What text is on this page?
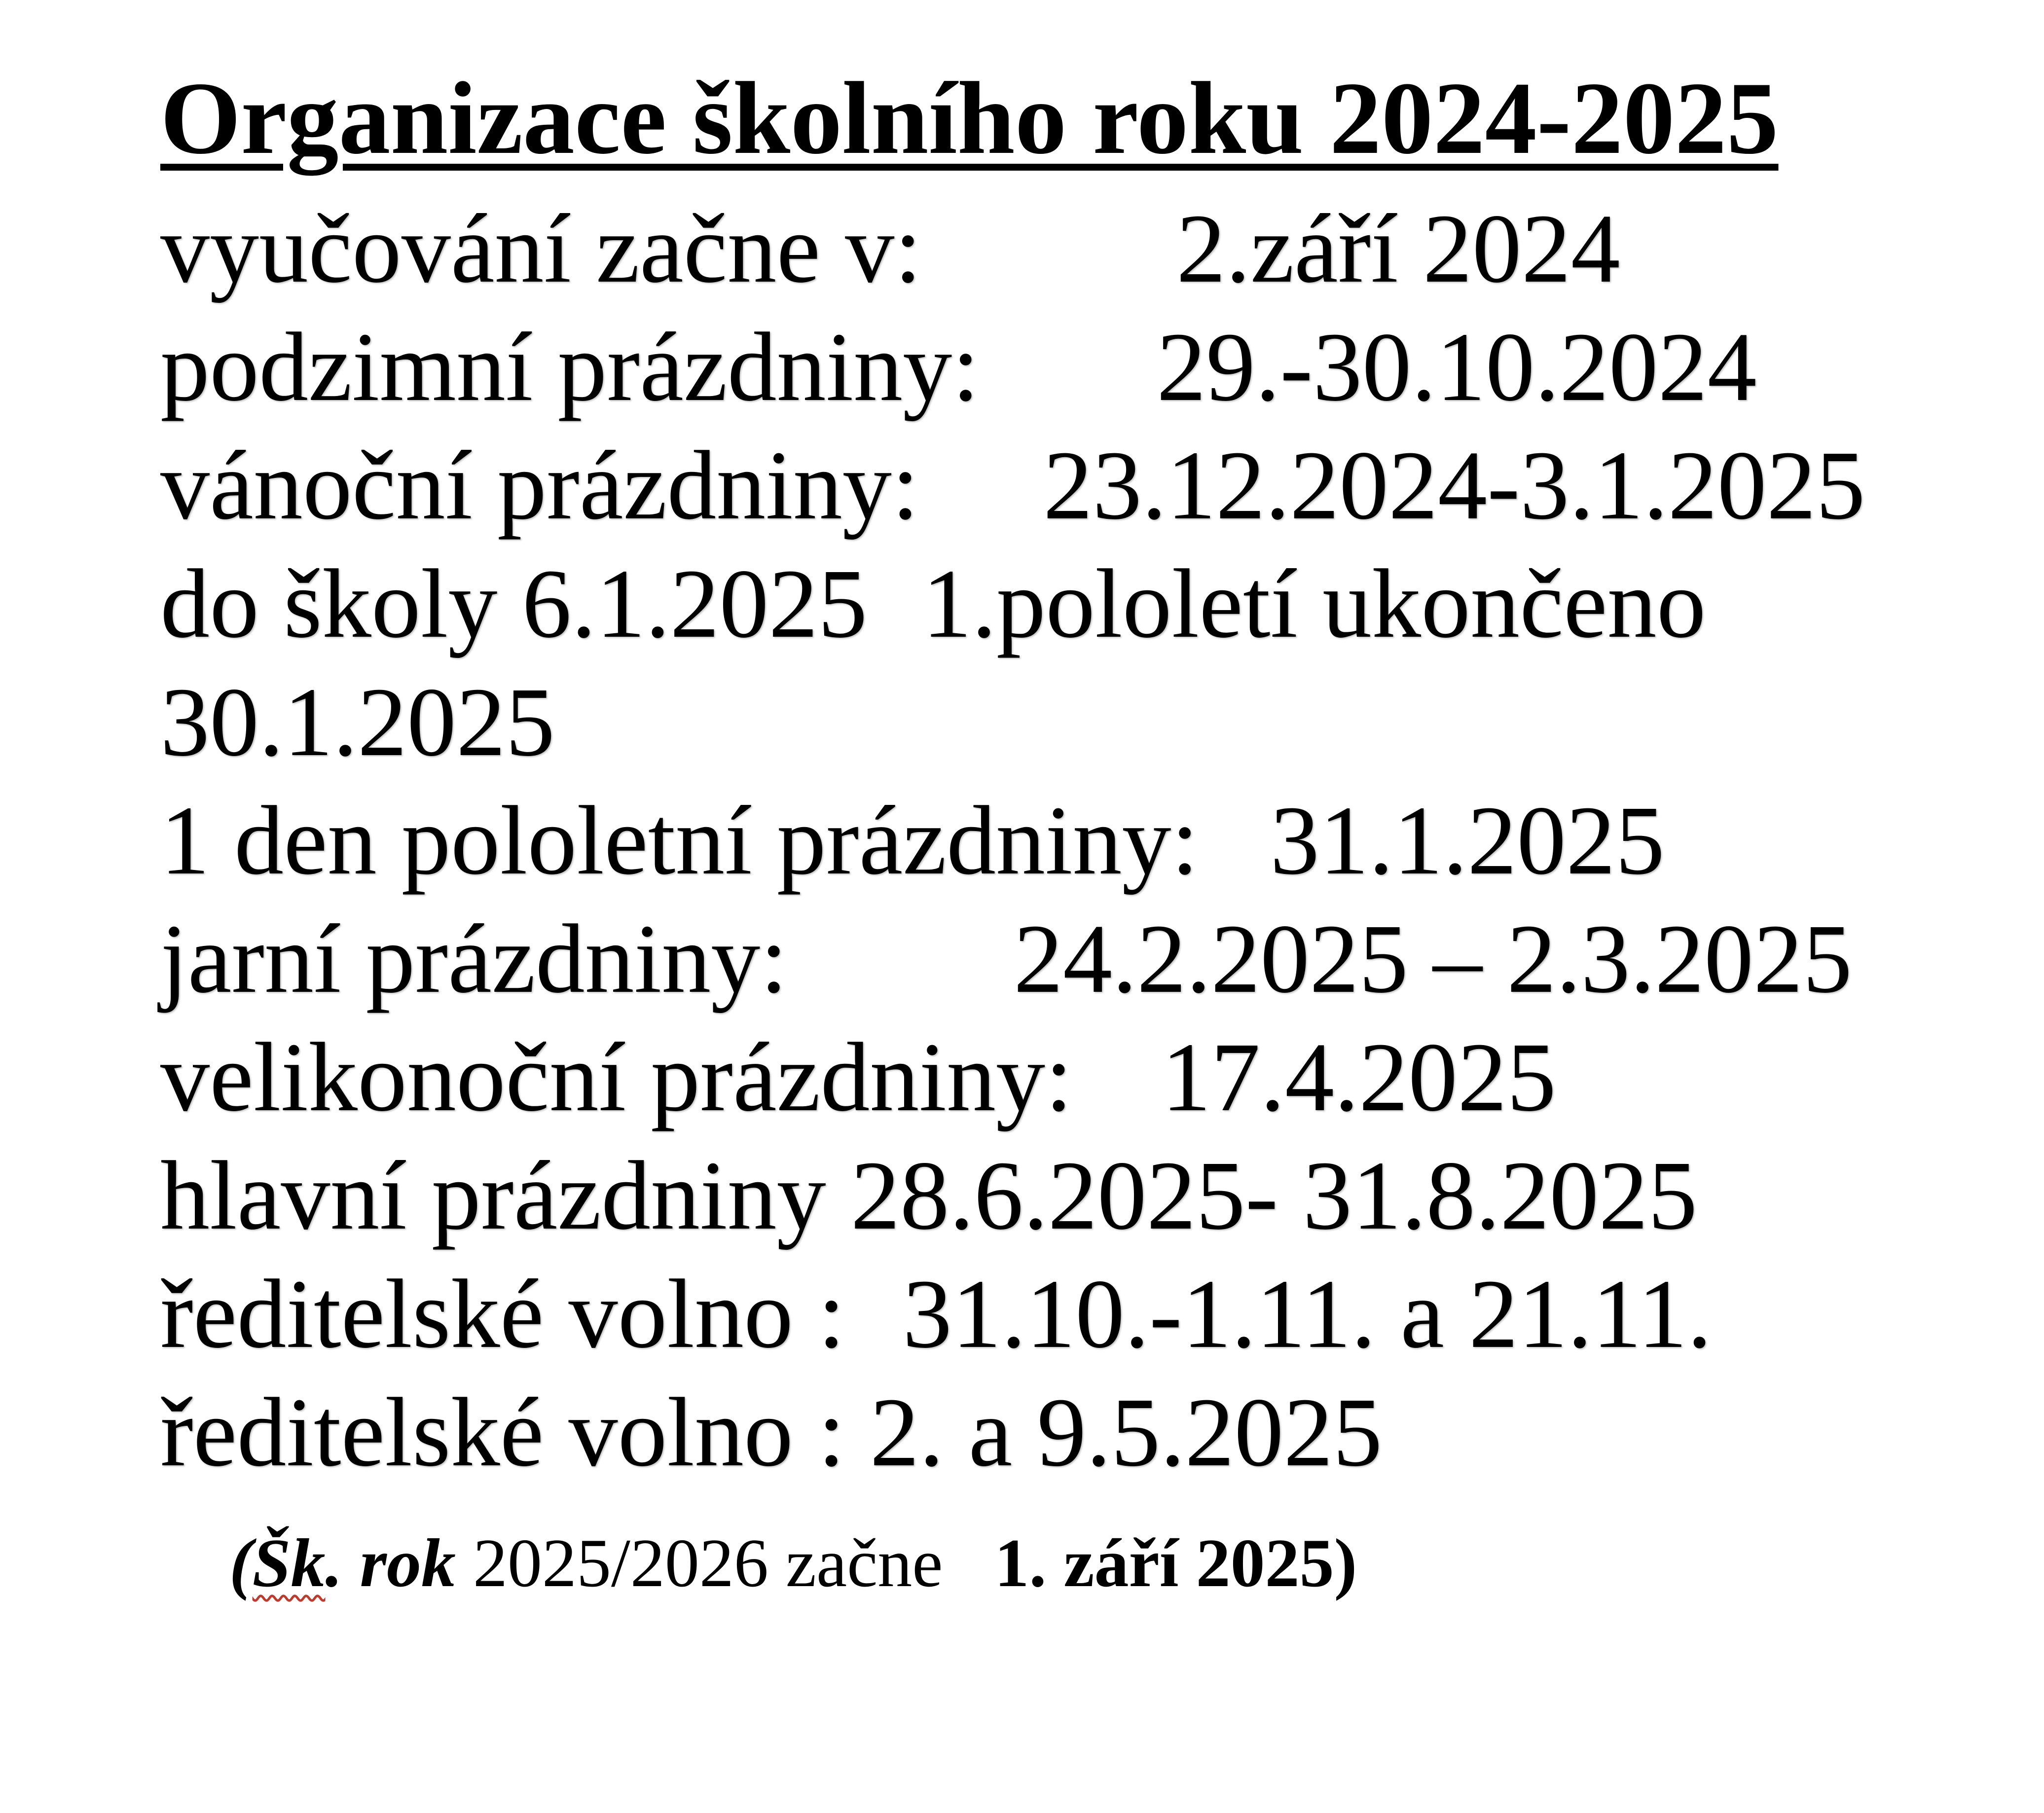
Organizace školního roku 2024-2025
vyučování začne v:	2.září 2024
podzimní prázdniny: 29.-30.10.2024
vánoční prázdniny: 23.12.2024-3.1.2025
do školy 6.1.2025 1.pololetí ukončeno
30.1.2025
1 den pololetní prázdniny: 31.1.2025
jarní prázdniny: 24.2.2025 – 2.3.2025
velikonoční prázdniny: 17.4.2025
hlavní prázdniny 28.6.2025- 31.8.2025
ředitelské volno : 31.10.-1.11. a 21.11.
ředitelské volno : 2. a 9.5.2025

(Šk. rok 2025/2026 začne   1. září 2025)
